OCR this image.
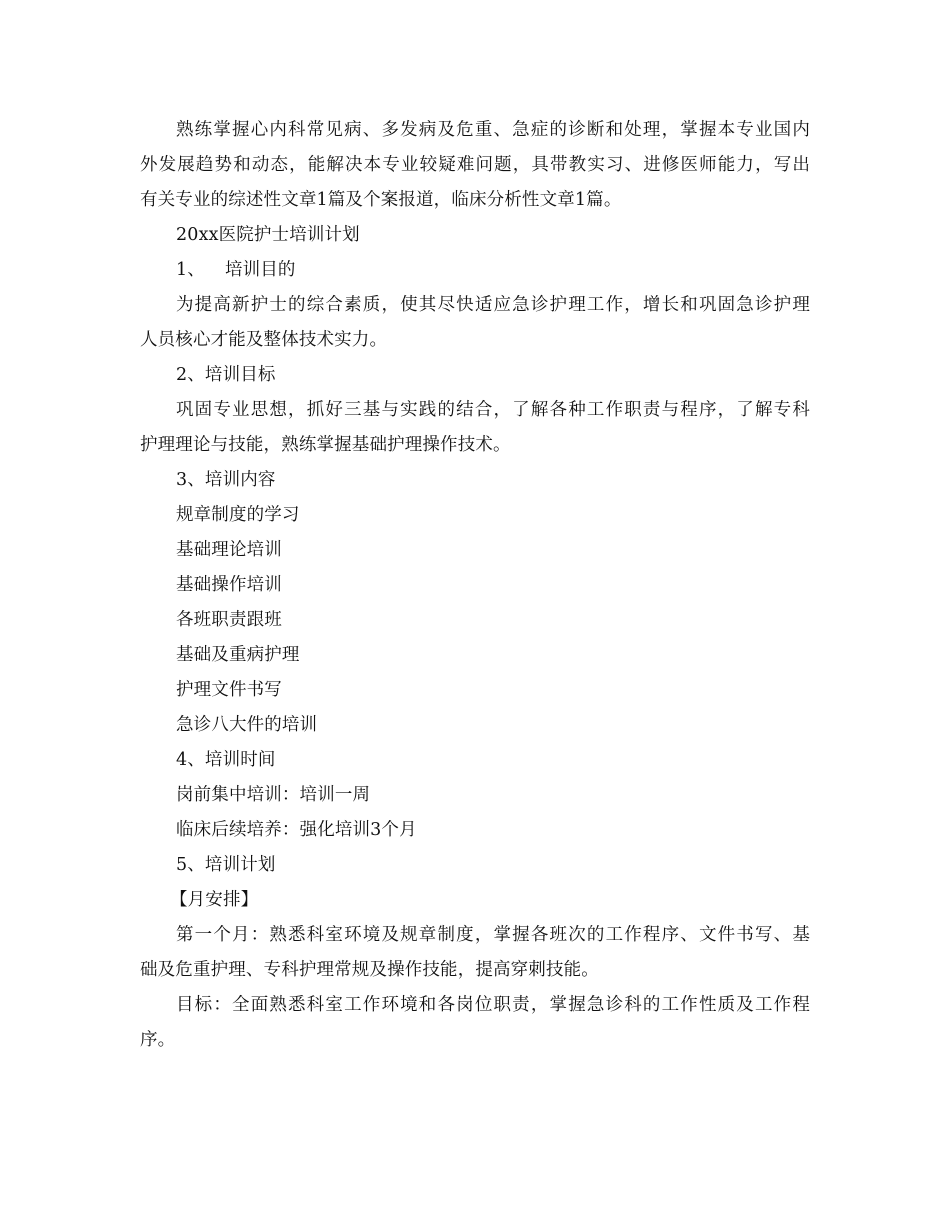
熟练掌握心内科常见病、多发病及危重、急症的诊断和处理，掌握本专业国内
外发展趋势和动态，能解决本专业较疑难问题，具带教实习、进修医师能力，写出
有关专业的综述性文章1篇及个案报道，临床分析性文章1篇。
20xx医院护士培训计划
1、 培训目的
为提高新护士的综合素质，使其尽快适应急诊护理工作，增长和巩固急诊护理
人员核心才能及整体技术实力。
2、培训目标
巩固专业思想，抓好三基与实践的结合，了解各种工作职责与程序，了解专科
护理理论与技能，熟练掌握基础护理操作技术。
3、培训内容
规章制度的学习
基础理论培训
基础操作培训
各班职责跟班
基础及重病护理
护理文件书写
急诊八大件的培训
4、培训时间
岗前集中培训：培训一周
临床后续培养：强化培训3个月
5、培训计划
【月安排】
第一个月：熟悉科室环境及规章制度，掌握各班次的工作程序、文件书写、基
础及危重护理、专科护理常规及操作技能，提高穿刺技能。
目标：全面熟悉科室工作环境和各岗位职责，掌握急诊科的工作性质及工作程
序。
